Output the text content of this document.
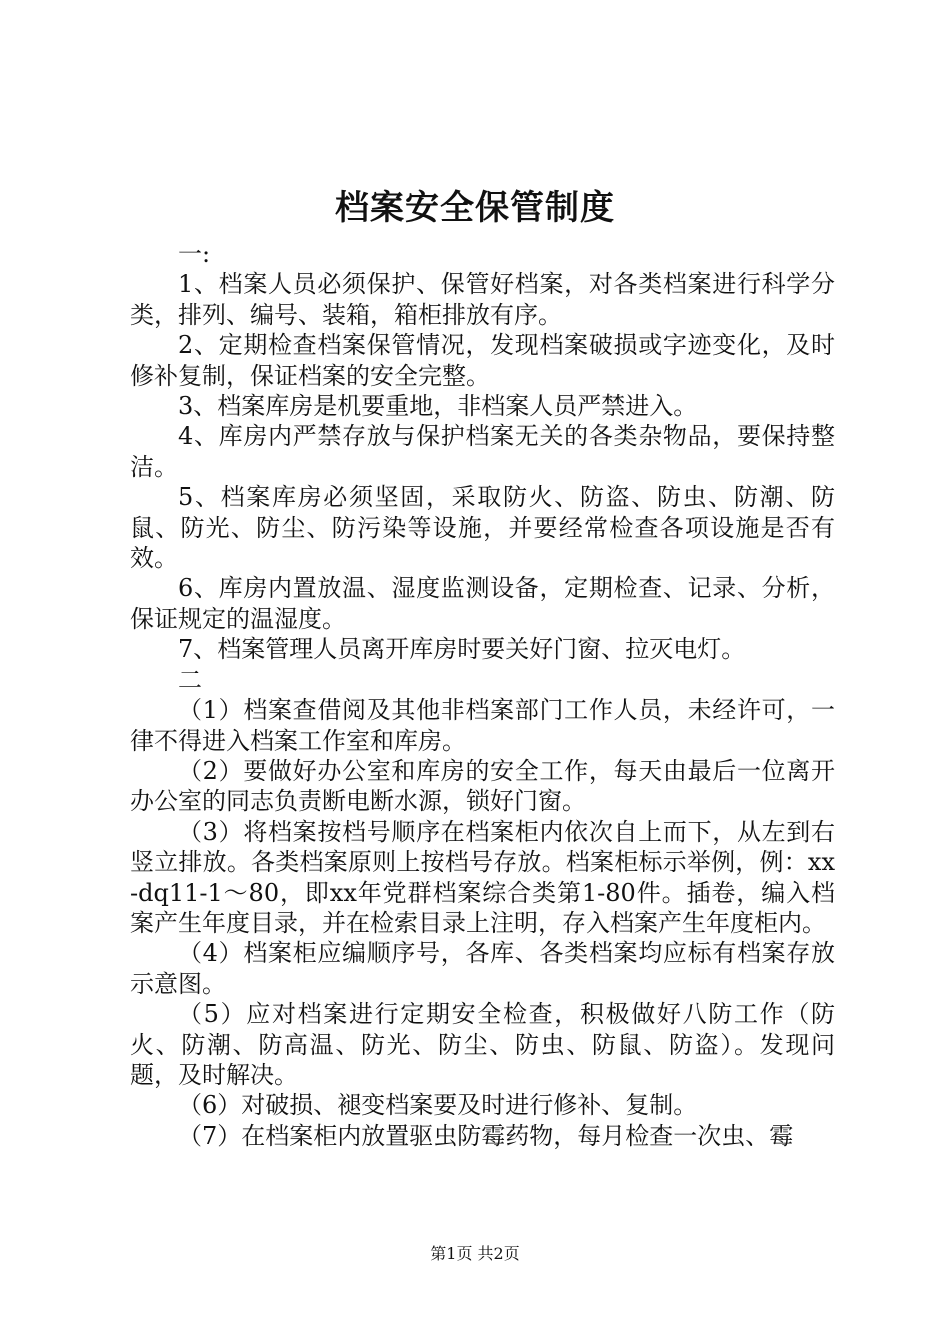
档案安全保管制度

一:

1、档案人员必须保护、保管好档案，对各类档案进行科学分类，排列、编号、装箱，箱柜排放有序。

2、定期检查档案保管情况，发现档案破损或字迹变化，及时修补复制，保证档案的安全完整。

3、档案库房是机要重地，非档案人员严禁进入。

4、库房内严禁存放与保护档案无关的各类杂物品，要保持整洁。

5、档案库房必须坚固，采取防火、防盗、防虫、防潮、防鼠、防光、防尘、防污染等设施，并要经常检查各项设施是否有效。

6、库房内置放温、湿度监测设备，定期检查、记录、分析，保证规定的温湿度。

7、档案管理人员离开库房时要关好门窗、拉灭电灯。

二

（1）档案查借阅及其他非档案部门工作人员，未经许可，一律不得进入档案工作室和库房。

（2）要做好办公室和库房的安全工作，每天由最后一位离开办公室的同志负责断电断水源，锁好门窗。

（3）将档案按档号顺序在档案柜内依次自上而下，从左到右竖立排放。各类档案原则上按档号存放。档案柜标示举例，例：xx-dq11-1～80，即xx年党群档案综合类第1-80件。插卷，编入档案产生年度目录，并在检索目录上注明，存入档案产生年度柜内。

（4）档案柜应编顺序号，各库、各类档案均应标有档案存放示意图。

（5）应对档案进行定期安全检查，积极做好八防工作（防火、防潮、防高温、防光、防尘、防虫、防鼠、防盗）。发现问题，及时解决。

（6）对破损、褪变档案要及时进行修补、复制。

（7）在档案柜内放置驱虫防霉药物，每月检查一次虫、霉

第1页 共2页
